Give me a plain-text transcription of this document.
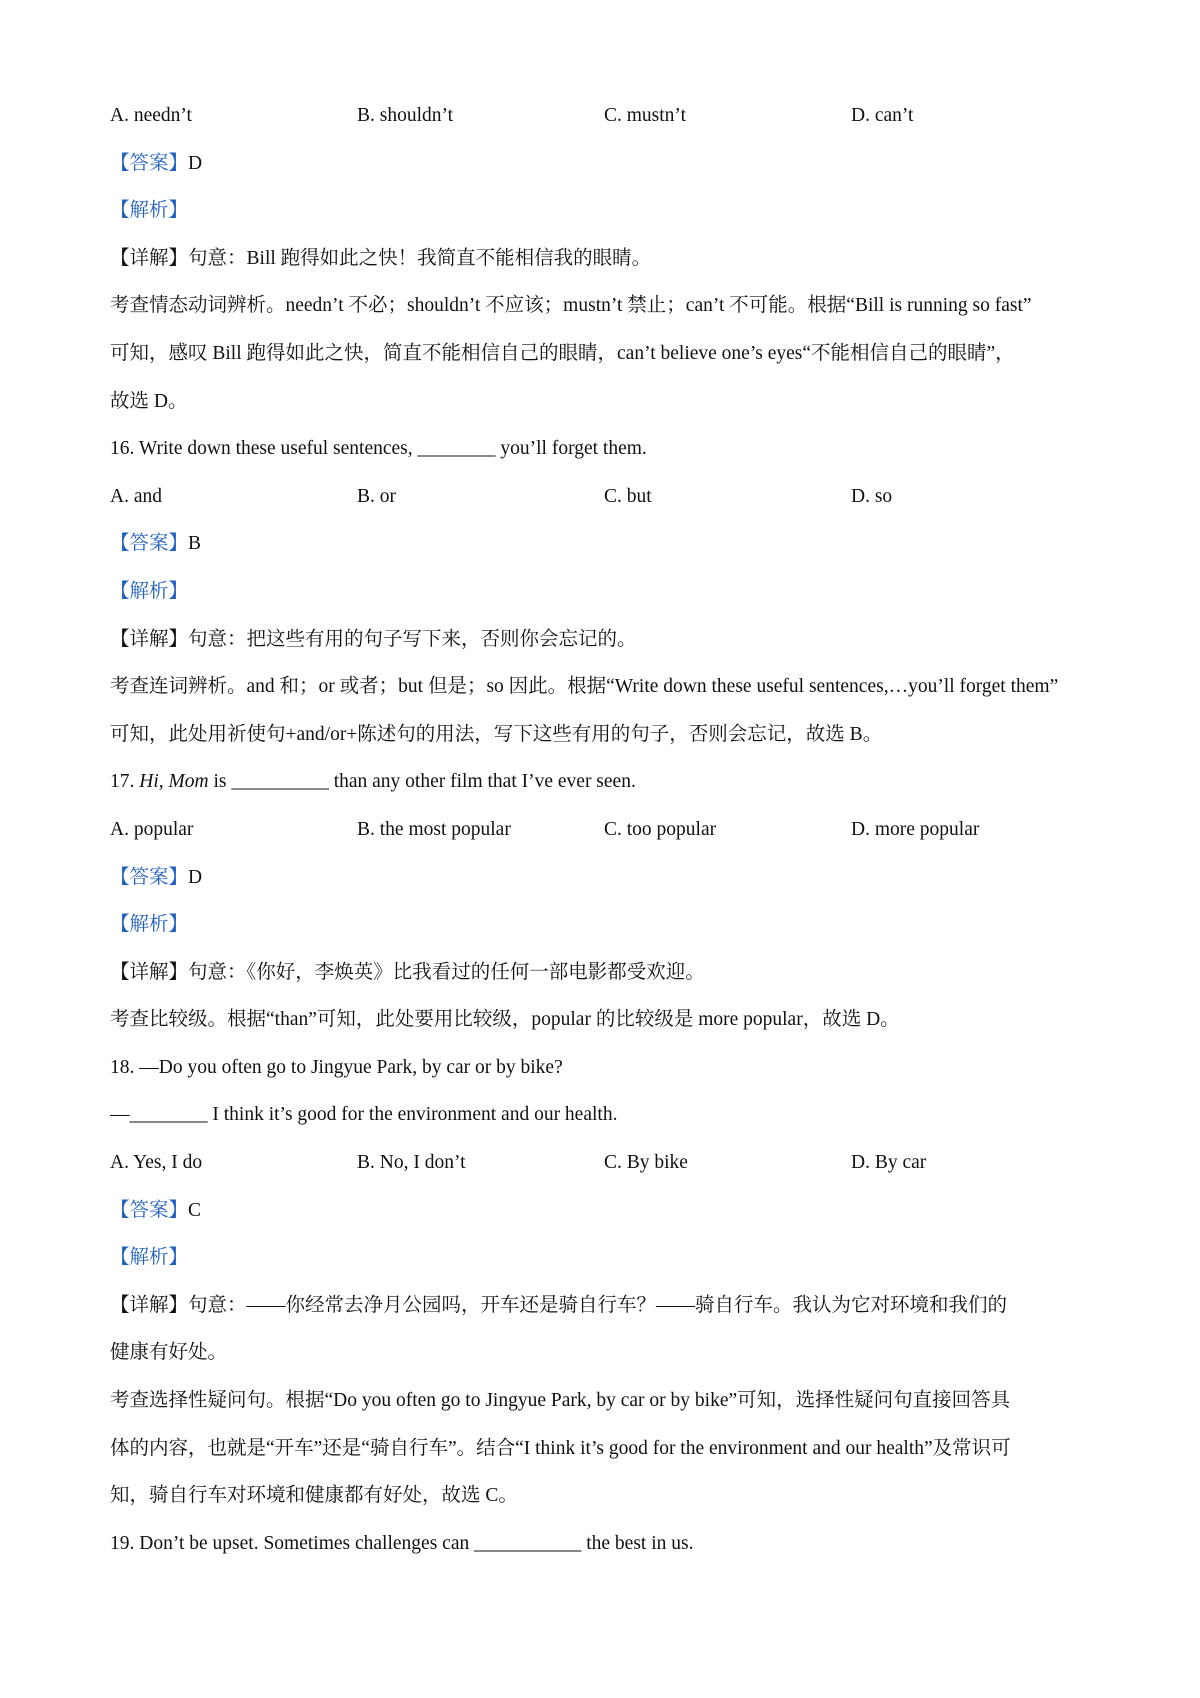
A. needn’t	B. shouldn’t	C. mustn’t	D. can’t
【答案】D
【解析】
【详解】句意：Bill 跑得如此之快！我简直不能相信我的眼睛。
考查情态动词辨析。needn’t 不必；shouldn’t 不应该；mustn’t 禁止；can’t 不可能。根据“Bill is running so fast”
可知，感叹 Bill 跑得如此之快，简直不能相信自己的眼睛，can’t believe one’s eyes“不能相信自己的眼睛”，
故选 D。
16. Write down these useful sentences, ________ you’ll forget them.
A. and	B. or	C. but	D. so
【答案】B
【解析】
【详解】句意：把这些有用的句子写下来，否则你会忘记的。
考查连词辨析。and 和；or 或者；but 但是；so 因此。根据“Write down these useful sentences,…you’ll forget them”
可知，此处用祈使句+and/or+陈述句的用法，写下这些有用的句子，否则会忘记，故选 B。
17. Hi, Mom is __________ than any other film that I’ve ever seen.
A. popular	B. the most popular	C. too popular	D. more popular
【答案】D
【解析】
【详解】句意：《你好，李焕英》比我看过的任何一部电影都受欢迎。
考查比较级。根据“than”可知，此处要用比较级，popular 的比较级是 more popular，故选 D。
18. —Do you often go to Jingyue Park, by car or by bike?
—________ I think it’s good for the environment and our health.
A. Yes, I do	B. No, I don’t	C. By bike	D. By car
【答案】C
【解析】
【详解】句意：——你经常去净月公园吗，开车还是骑自行车？——骑自行车。我认为它对环境和我们的
健康有好处。
考查选择性疑问句。根据“Do you often go to Jingyue Park, by car or by bike”可知，选择性疑问句直接回答具
体的内容，也就是“开车”还是“骑自行车”。结合“I think it’s good for the environment and our health”及常识可
知，骑自行车对环境和健康都有好处，故选 C。
19. Don’t be upset. Sometimes challenges can ___________ the best in us.
